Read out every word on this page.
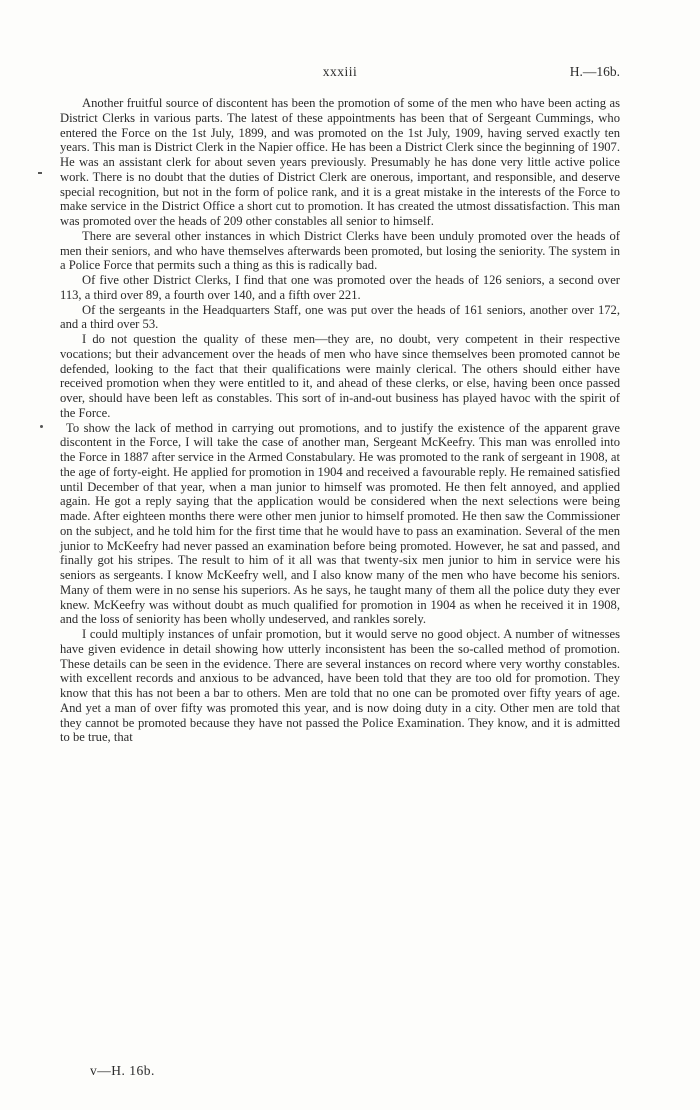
xxxiii	H.—16b.

Another fruitful source of discontent has been the promotion of some of the men who have been acting as District Clerks in various parts. The latest of these appointments has been that of Sergeant Cummings, who entered the Force on the 1st July, 1899, and was promoted on the 1st July, 1909, having served exactly ten years. This man is District Clerk in the Napier office. He has been a District Clerk since the beginning of 1907. He was an assistant clerk for about seven years previously. Presumably he has done very little active police work. There is no doubt that the duties of District Clerk are onerous, important, and responsible, and deserve special recognition, but not in the form of police rank, and it is a great mistake in the interests of the Force to make service in the District Office a short cut to promotion. It has created the utmost dissatisfaction. This man was promoted over the heads of 209 other constables all senior to himself.

There are several other instances in which District Clerks have been unduly promoted over the heads of men their seniors, and who have themselves afterwards been promoted, but losing the seniority. The system in a Police Force that permits such a thing as this is radically bad.

Of five other District Clerks, I find that one was promoted over the heads of 126 seniors, a second over 113, a third over 89, a fourth over 140, and a fifth over 221.

Of the sergeants in the Headquarters Staff, one was put over the heads of 161 seniors, another over 172, and a third over 53.

I do not question the quality of these men—they are, no doubt, very competent in their respective vocations; but their advancement over the heads of men who have since themselves been promoted cannot be defended, looking to the fact that their qualifications were mainly clerical. The others should either have received promotion when they were entitled to it, and ahead of these clerks, or else, having been once passed over, should have been left as constables. This sort of in-and-out business has played havoc with the spirit of the Force.

To show the lack of method in carrying out promotions, and to justify the existence of the apparent grave discontent in the Force, I will take the case of another man, Sergeant McKeefry. This man was enrolled into the Force in 1887 after service in the Armed Constabulary. He was promoted to the rank of sergeant in 1908, at the age of forty-eight. He applied for promotion in 1904 and received a favourable reply. He remained satisfied until December of that year, when a man junior to himself was promoted. He then felt annoyed, and applied again. He got a reply saying that the application would be considered when the next selections were being made. After eighteen months there were other men junior to himself promoted. He then saw the Commissioner on the subject, and he told him for the first time that he would have to pass an examination. Several of the men junior to McKeefry had never passed an examination before being promoted. However, he sat and passed, and finally got his stripes. The result to him of it all was that twenty-six men junior to him in service were his seniors as sergeants. I know McKeefry well, and I also know many of the men who have become his seniors. Many of them were in no sense his superiors. As he says, he taught many of them all the police duty they ever knew. McKeefry was without doubt as much qualified for promotion in 1904 as when he received it in 1908, and the loss of seniority has been wholly undeserved, and rankles sorely.

I could multiply instances of unfair promotion, but it would serve no good object. A number of witnesses have given evidence in detail showing how utterly inconsistent has been the so-called method of promotion. These details can be seen in the evidence. There are several instances on record where very worthy constables. with excellent records and anxious to be advanced, have been told that they are too old for promotion. They know that this has not been a bar to others. Men are told that no one can be promoted over fifty years of age. And yet a man of over fifty was promoted this year, and is now doing duty in a city. Other men are told that they cannot be promoted because they have not passed the Police Examination. They know, and it is admitted to be true, that

v—H. 16b.
